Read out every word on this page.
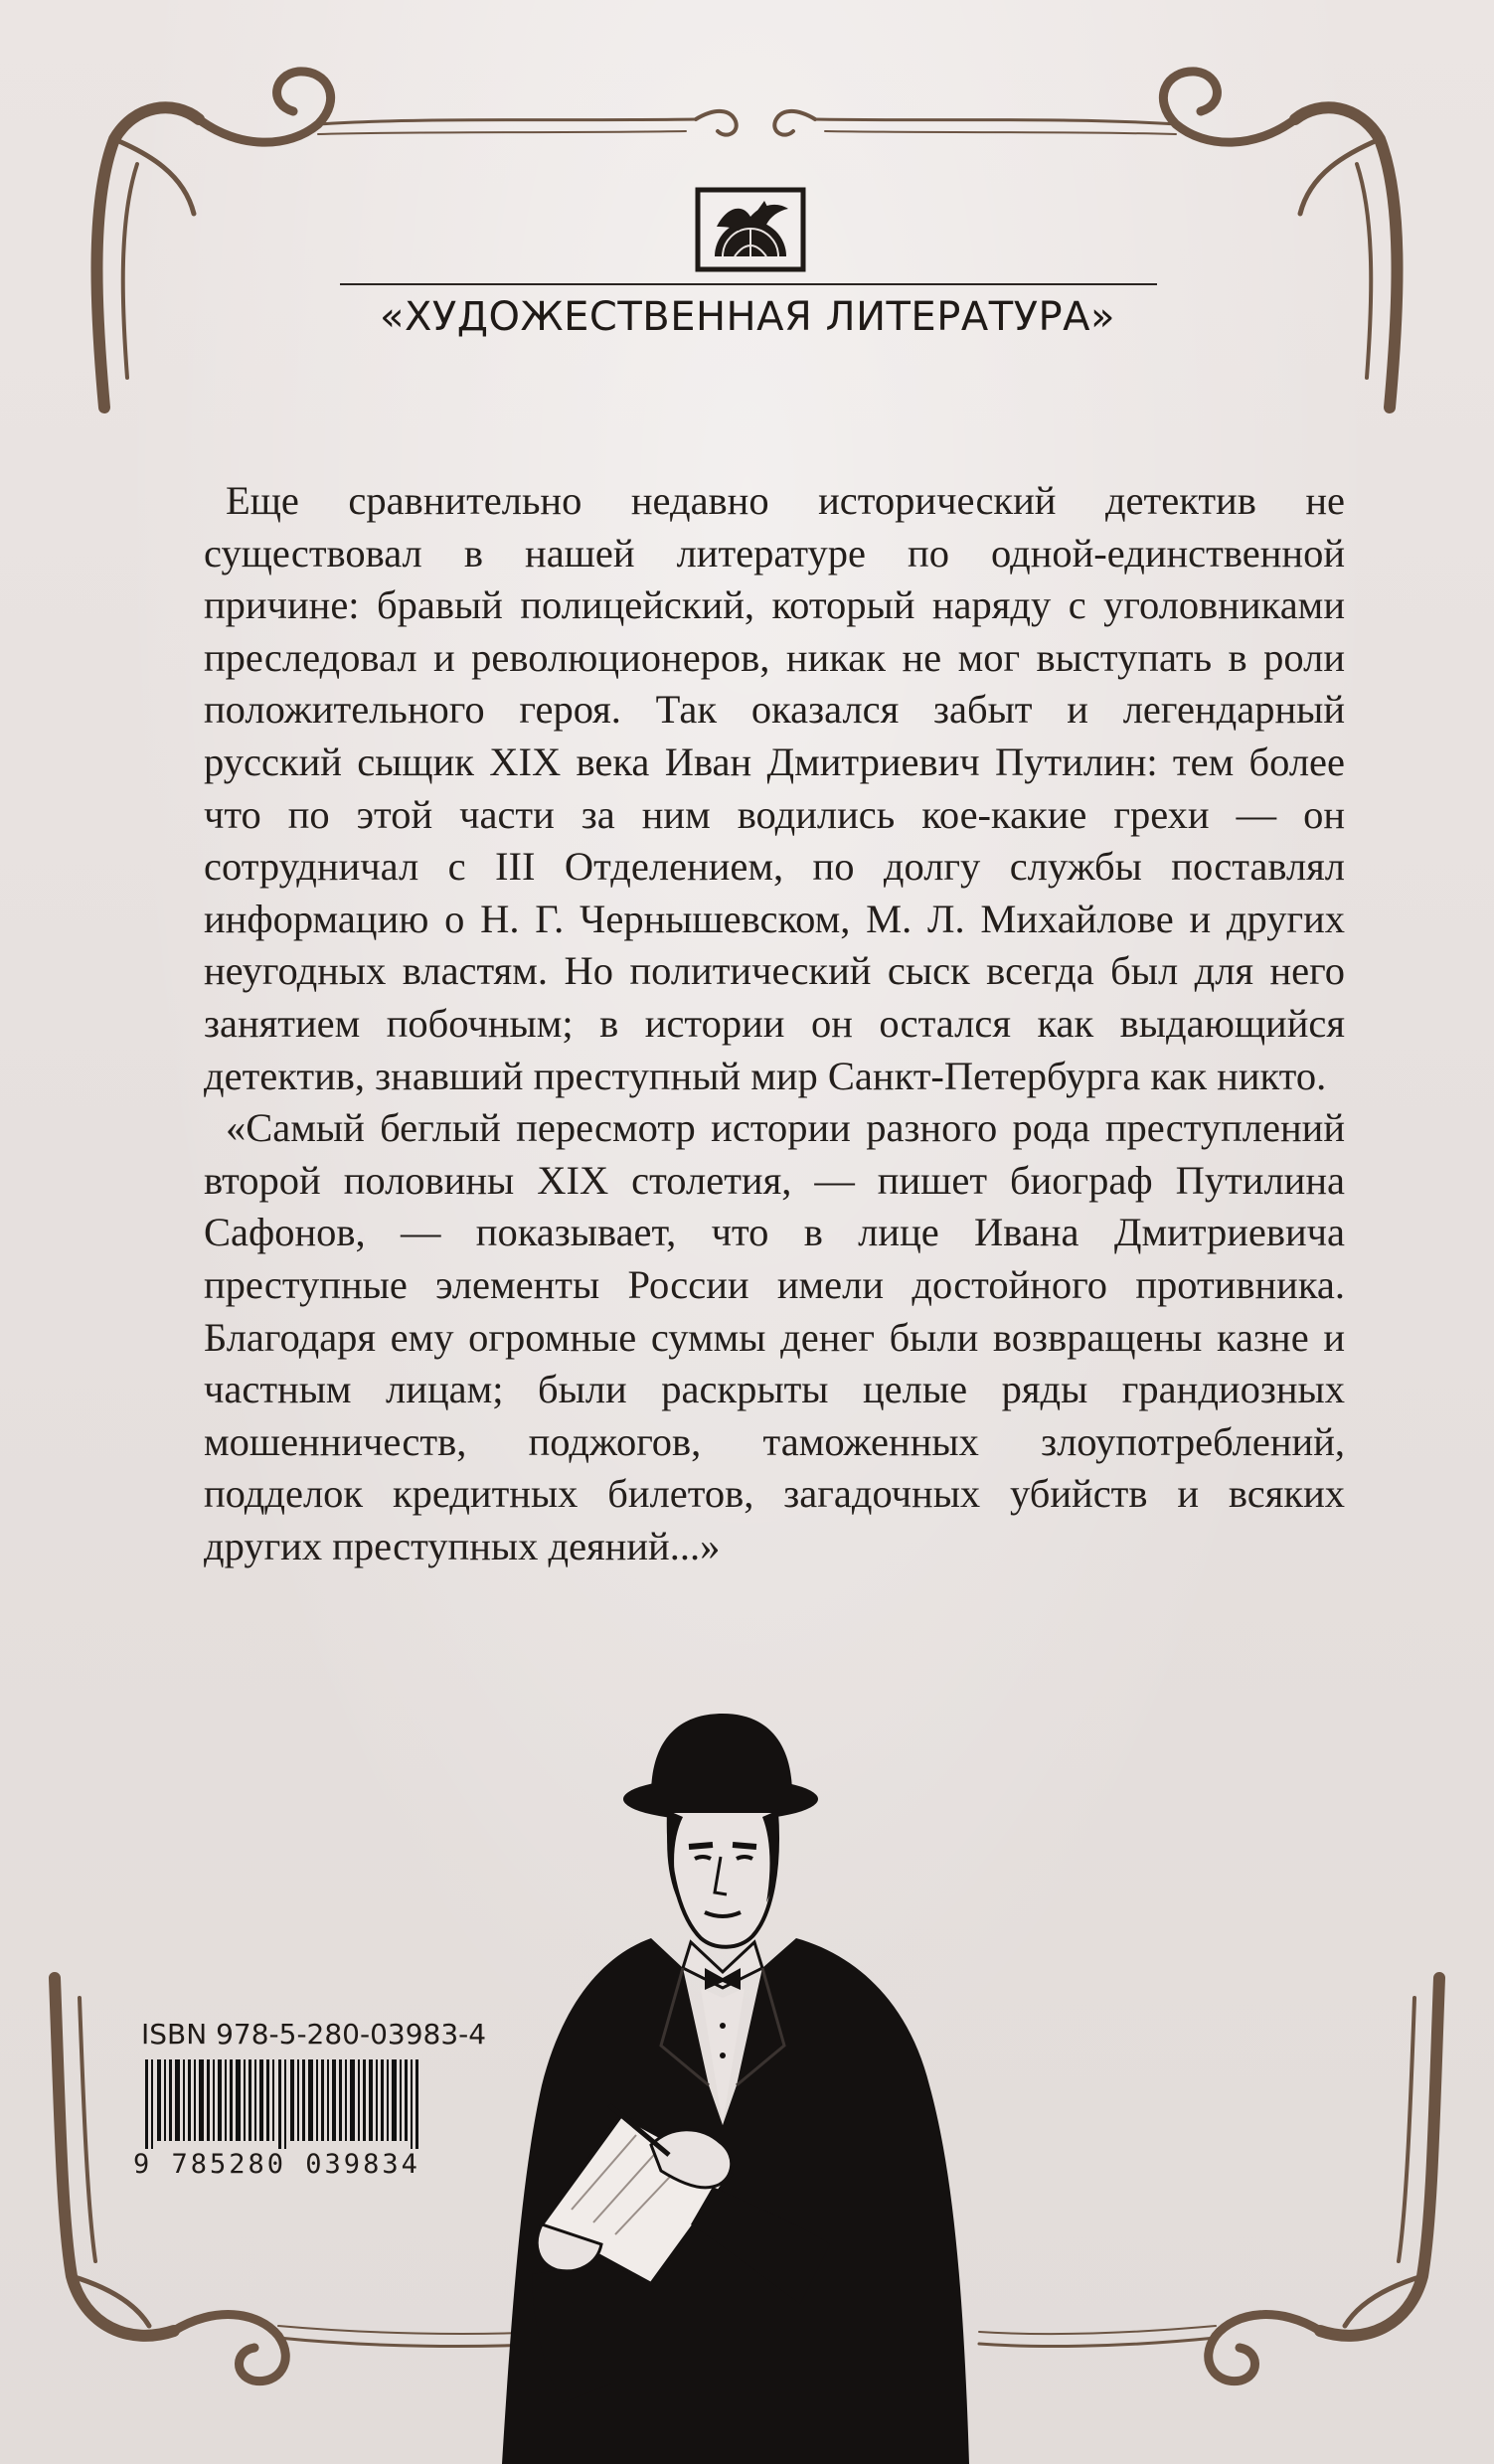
«ХУДОЖЕСТВЕННАЯ ЛИТЕРАТУРА»

Еще сравнительно недавно исторический детектив не существовал в нашей литературе по одной-единственной причине: бравый полицейский, который наряду с уголовниками преследовал и революционеров, никак не мог выступать в роли положительного героя. Так оказался забыт и легендарный русский сыщик XIX века Иван Дмитриевич Путилин: тем более что по этой части за ним водились кое-какие грехи — он сотрудничал с III Отделением, по долгу службы поставлял информацию о Н. Г. Чернышевском, М. Л. Михайлове и других неугодных властям. Но политический сыск всегда был для него занятием побочным; в истории он остался как выдающийся детектив, знавший преступный мир Санкт-Петербурга как никто.

«Самый беглый пересмотр истории разного рода преступлений второй половины XIX столетия, — пишет биограф Путилина Сафонов, — показывает, что в лице Ивана Дмитриевича преступные элементы России имели достойного противника. Благодаря ему огромные суммы денег были возвращены казне и частным лицам; были раскрыты целые ряды грандиозных мошенничеств, поджогов, таможенных злоупотреблений, подделок кредитных билетов, загадочных убийств и всяких других преступных деяний...»

ISBN 978-5-280-03983-4
9 785280 039834
